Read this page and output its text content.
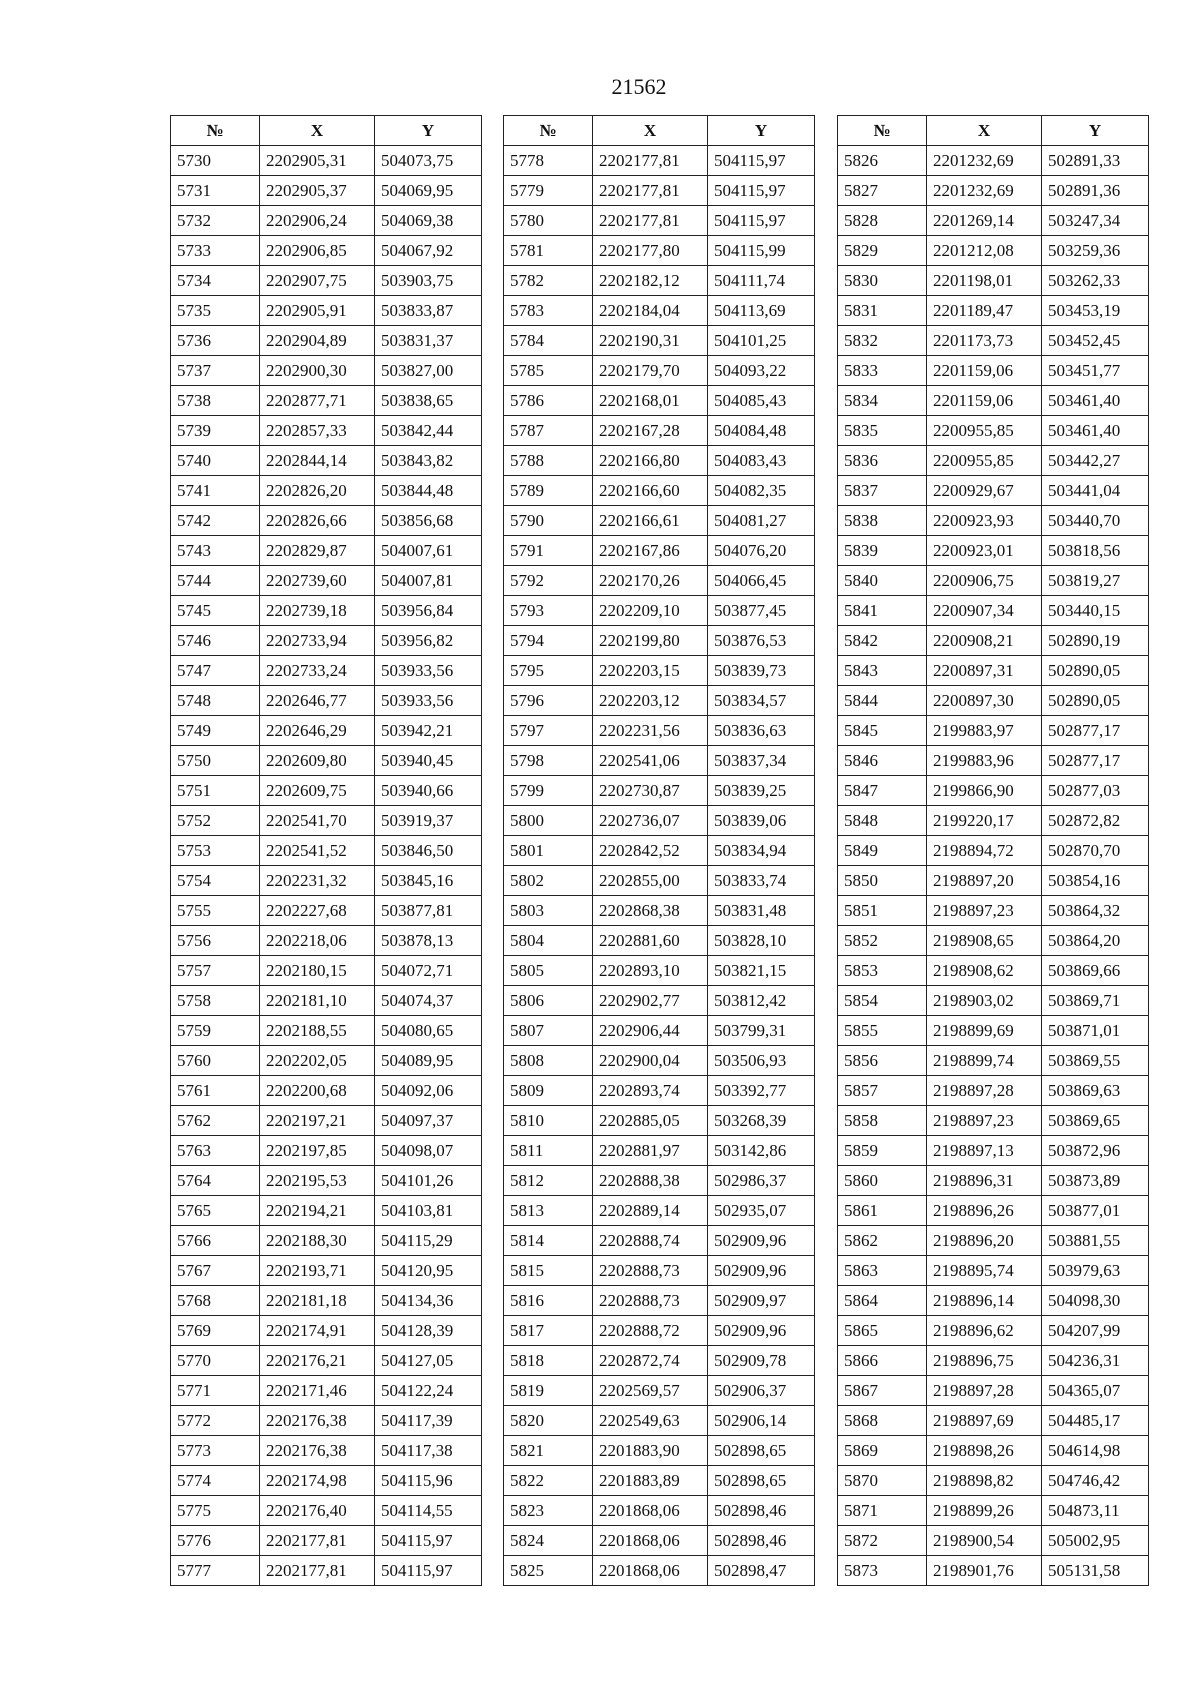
21562
№	X	Y
5730	2202905,31	504073,75
5731	2202905,37	504069,95
5732	2202906,24	504069,38
5733	2202906,85	504067,92
5734	2202907,75	503903,75
5735	2202905,91	503833,87
5736	2202904,89	503831,37
5737	2202900,30	503827,00
5738	2202877,71	503838,65
5739	2202857,33	503842,44
5740	2202844,14	503843,82
5741	2202826,20	503844,48
5742	2202826,66	503856,68
5743	2202829,87	504007,61
5744	2202739,60	504007,81
5745	2202739,18	503956,84
5746	2202733,94	503956,82
5747	2202733,24	503933,56
5748	2202646,77	503933,56
5749	2202646,29	503942,21
5750	2202609,80	503940,45
5751	2202609,75	503940,66
5752	2202541,70	503919,37
5753	2202541,52	503846,50
5754	2202231,32	503845,16
5755	2202227,68	503877,81
5756	2202218,06	503878,13
5757	2202180,15	504072,71
5758	2202181,10	504074,37
5759	2202188,55	504080,65
5760	2202202,05	504089,95
5761	2202200,68	504092,06
5762	2202197,21	504097,37
5763	2202197,85	504098,07
5764	2202195,53	504101,26
5765	2202194,21	504103,81
5766	2202188,30	504115,29
5767	2202193,71	504120,95
5768	2202181,18	504134,36
5769	2202174,91	504128,39
5770	2202176,21	504127,05
5771	2202171,46	504122,24
5772	2202176,38	504117,39
5773	2202176,38	504117,38
5774	2202174,98	504115,96
5775	2202176,40	504114,55
5776	2202177,81	504115,97
5777	2202177,81	504115,97
№	X	Y
5778	2202177,81	504115,97
5779	2202177,81	504115,97
5780	2202177,81	504115,97
5781	2202177,80	504115,99
5782	2202182,12	504111,74
5783	2202184,04	504113,69
5784	2202190,31	504101,25
5785	2202179,70	504093,22
5786	2202168,01	504085,43
5787	2202167,28	504084,48
5788	2202166,80	504083,43
5789	2202166,60	504082,35
5790	2202166,61	504081,27
5791	2202167,86	504076,20
5792	2202170,26	504066,45
5793	2202209,10	503877,45
5794	2202199,80	503876,53
5795	2202203,15	503839,73
5796	2202203,12	503834,57
5797	2202231,56	503836,63
5798	2202541,06	503837,34
5799	2202730,87	503839,25
5800	2202736,07	503839,06
5801	2202842,52	503834,94
5802	2202855,00	503833,74
5803	2202868,38	503831,48
5804	2202881,60	503828,10
5805	2202893,10	503821,15
5806	2202902,77	503812,42
5807	2202906,44	503799,31
5808	2202900,04	503506,93
5809	2202893,74	503392,77
5810	2202885,05	503268,39
5811	2202881,97	503142,86
5812	2202888,38	502986,37
5813	2202889,14	502935,07
5814	2202888,74	502909,96
5815	2202888,73	502909,96
5816	2202888,73	502909,97
5817	2202888,72	502909,96
5818	2202872,74	502909,78
5819	2202569,57	502906,37
5820	2202549,63	502906,14
5821	2201883,90	502898,65
5822	2201883,89	502898,65
5823	2201868,06	502898,46
5824	2201868,06	502898,46
5825	2201868,06	502898,47
№	X	Y
5826	2201232,69	502891,33
5827	2201232,69	502891,36
5828	2201269,14	503247,34
5829	2201212,08	503259,36
5830	2201198,01	503262,33
5831	2201189,47	503453,19
5832	2201173,73	503452,45
5833	2201159,06	503451,77
5834	2201159,06	503461,40
5835	2200955,85	503461,40
5836	2200955,85	503442,27
5837	2200929,67	503441,04
5838	2200923,93	503440,70
5839	2200923,01	503818,56
5840	2200906,75	503819,27
5841	2200907,34	503440,15
5842	2200908,21	502890,19
5843	2200897,31	502890,05
5844	2200897,30	502890,05
5845	2199883,97	502877,17
5846	2199883,96	502877,17
5847	2199866,90	502877,03
5848	2199220,17	502872,82
5849	2198894,72	502870,70
5850	2198897,20	503854,16
5851	2198897,23	503864,32
5852	2198908,65	503864,20
5853	2198908,62	503869,66
5854	2198903,02	503869,71
5855	2198899,69	503871,01
5856	2198899,74	503869,55
5857	2198897,28	503869,63
5858	2198897,23	503869,65
5859	2198897,13	503872,96
5860	2198896,31	503873,89
5861	2198896,26	503877,01
5862	2198896,20	503881,55
5863	2198895,74	503979,63
5864	2198896,14	504098,30
5865	2198896,62	504207,99
5866	2198896,75	504236,31
5867	2198897,28	504365,07
5868	2198897,69	504485,17
5869	2198898,26	504614,98
5870	2198898,82	504746,42
5871	2198899,26	504873,11
5872	2198900,54	505002,95
5873	2198901,76	505131,58
